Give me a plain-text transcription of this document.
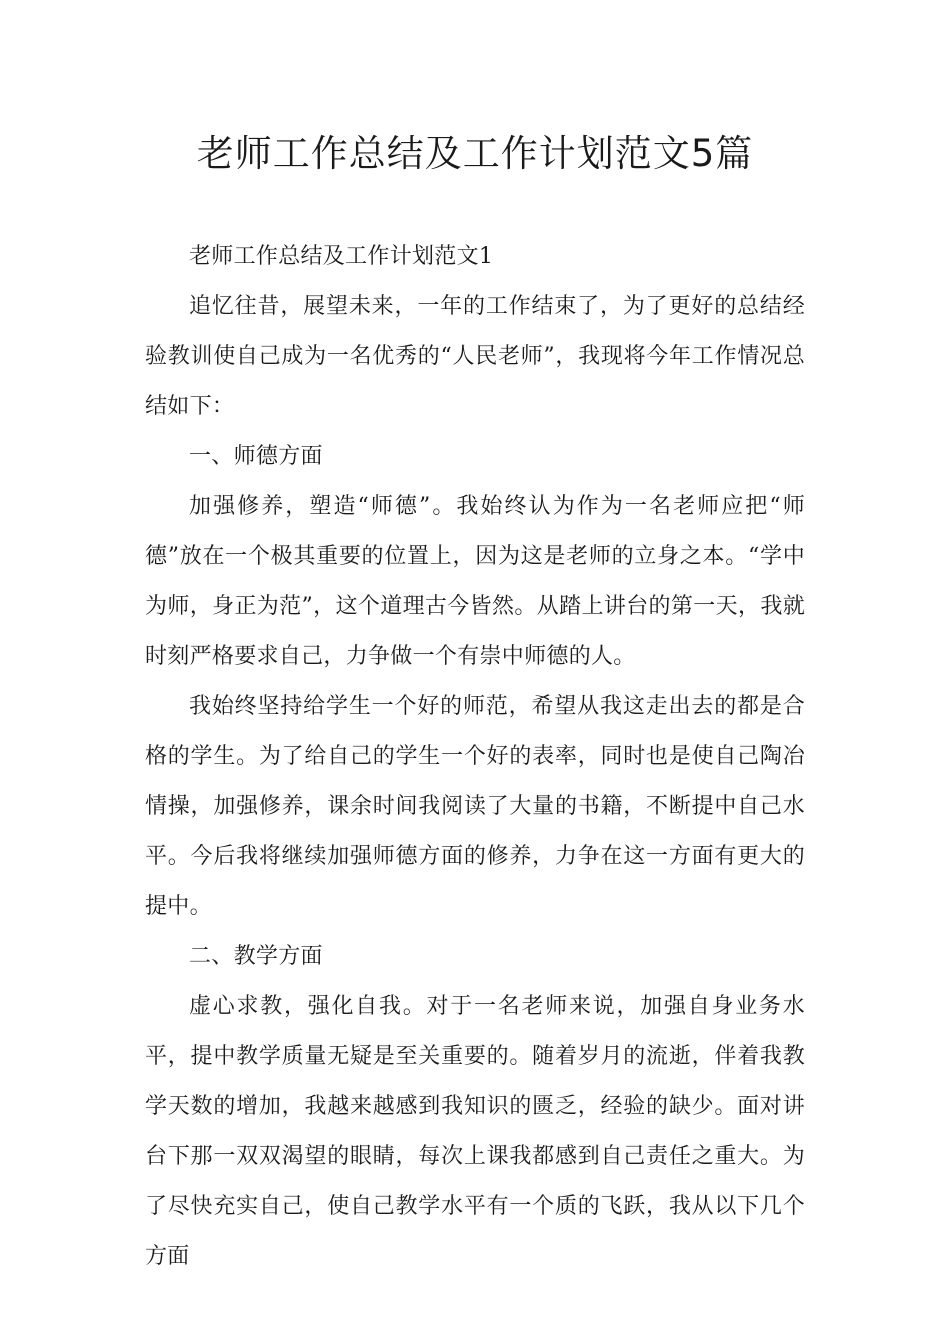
老师工作总结及工作计划范文5篇

老师工作总结及工作计划范文1

追忆往昔，展望未来，一年的工作结束了，为了更好的总结经验教训使自己成为一名优秀的“人民老师”，我现将今年工作情况总结如下：

一、师德方面

加强修养，塑造“师德”。我始终认为作为一名老师应把“师德”放在一个极其重要的位置上，因为这是老师的立身之本。“学中为师，身正为范”，这个道理古今皆然。从踏上讲台的第一天，我就时刻严格要求自己，力争做一个有崇中师德的人。

我始终坚持给学生一个好的师范，希望从我这走出去的都是合格的学生。为了给自己的学生一个好的表率，同时也是使自己陶冶情操，加强修养，课余时间我阅读了大量的书籍，不断提中自己水平。今后我将继续加强师德方面的修养，力争在这一方面有更大的提中。

二、教学方面

虚心求教，强化自我。对于一名老师来说，加强自身业务水平，提中教学质量无疑是至关重要的。随着岁月的流逝，伴着我教学天数的增加，我越来越感到我知识的匮乏，经验的缺少。面对讲台下那一双双渴望的眼睛，每次上课我都感到自己责任之重大。为了尽快充实自己，使自己教学水平有一个质的飞跃，我从以下几个方面
